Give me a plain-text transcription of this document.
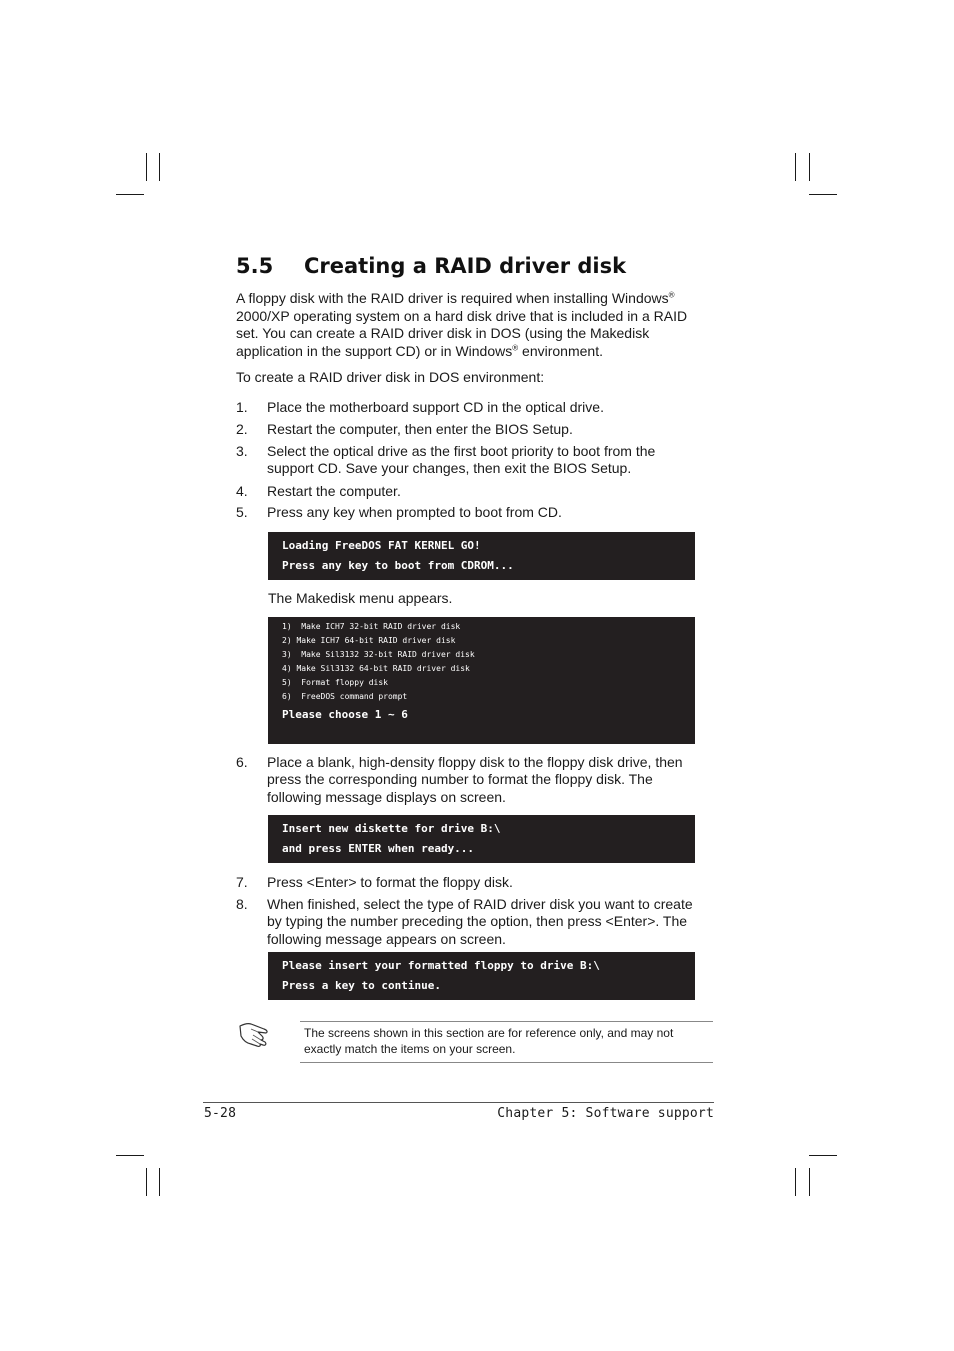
5.5 Creating a RAID driver disk
A floppy disk with the RAID driver is required when installing Windows®
2000/XP operating system on a hard disk drive that is included in a RAID
set. You can create a RAID driver disk in DOS (using the Makedisk
application in the support CD) or in Windows® environment.
To create a RAID driver disk in DOS environment:
1. Place the motherboard support CD in the optical drive.
2. Restart the computer, then enter the BIOS Setup.
3. Select the optical drive as the first boot priority to boot from the
support CD. Save your changes, then exit the BIOS Setup.
4. Restart the computer.
5. Press any key when prompted to boot from CD.
Loading FreeDOS FAT KERNEL GO!
Press any key to boot from CDROM...
The Makedisk menu appears.
1)  Make ICH7 32-bit RAID driver disk
2) Make ICH7 64-bit RAID driver disk
3)  Make Sil3132 32-bit RAID driver disk
4) Make Sil3132 64-bit RAID driver disk
5)  Format floppy disk
6)  FreeDOS command prompt
Please choose 1 ~ 6
6. Place a blank, high-density floppy disk to the floppy disk drive, then
press the corresponding number to format the floppy disk. The
following message displays on screen.
Insert new diskette for drive B:\
and press ENTER when ready...
7. Press <Enter> to format the floppy disk.
8. When finished, select the type of RAID driver disk you want to create
by typing the number preceding the option, then press <Enter>. The
following message appears on screen.
Please insert your formatted floppy to drive B:\
Press a key to continue.
The screens shown in this section are for reference only, and may not
exactly match the items on your screen.
5-28	Chapter 5: Software support
